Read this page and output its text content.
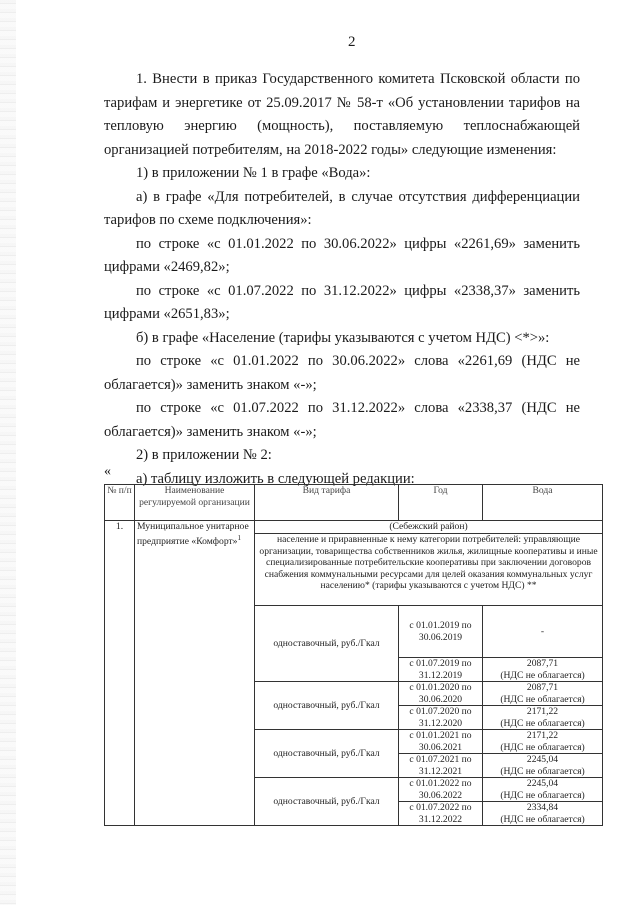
2

1. Внести в приказ Государственного комитета Псковской области по тарифам и энергетике от 25.09.2017 № 58-т «Об установлении тарифов на тепловую энергию (мощность), поставляемую теплоснабжающей организацией потребителям, на 2018-2022 годы» следующие изменения:

1) в приложении № 1 в графе «Вода»:

а) в графе «Для потребителей, в случае отсутствия дифференциации тарифов по схеме подключения»:

по строке «с 01.01.2022 по 30.06.2022» цифры «2261,69» заменить цифрами «2469,82»;

по строке «с 01.07.2022 по 31.12.2022» цифры «2338,37» заменить цифрами «2651,83»;

б) в графе «Население (тарифы указываются с учетом НДС) <*>»:

по строке «с 01.01.2022 по 30.06.2022» слова «2261,69 (НДС не облагается)» заменить знаком «-»;

по строке «с 01.07.2022 по 31.12.2022» слова «2338,37 (НДС не облагается)» заменить знаком «-»;

2) в приложении № 2:

а) таблицу изложить в следующей редакции:

«
№ п/п	Наименование регулируемой организации	Вид тарифа	Год	Вода
1.	Муниципальное унитарное предприятие «Комфорт»$^1$	(Себежский район)		
		население и приравненные к нему категории потребителей: управляющие организации, товарищества собственников жилья, жилищные кооперативы и иные специализированные потребительские кооперативы при заключении договоров снабжения коммунальными ресурсами для целей оказания коммунальных услуг населению* (тарифы указываются с учетом НДС) **		
		одноставочный, руб./Гкал	с 01.01.2019 по 30.06.2019	-

			с 01.07.2019 по 31.12.2019	2087,71
(НДС не облагается)

		одноставочный, руб./Гкал	с 01.01.2020 по 30.06.2020	2087,71
(НДС не облагается)

			с 01.07.2020 по 31.12.2020	2171,22
(НДС не облагается)

		одноставочный, руб./Гкал	с 01.01.2021 по 30.06.2021	2171,22
(НДС не облагается)

			с 01.07.2021 по 31.12.2021	2245,04
(НДС не облагается)

		одноставочный, руб./Гкал	с 01.01.2022 по 30.06.2022	2245,04
(НДС не облагается)

			с 01.07.2022 по 31.12.2022	2334,84
(НДС не облагается)
